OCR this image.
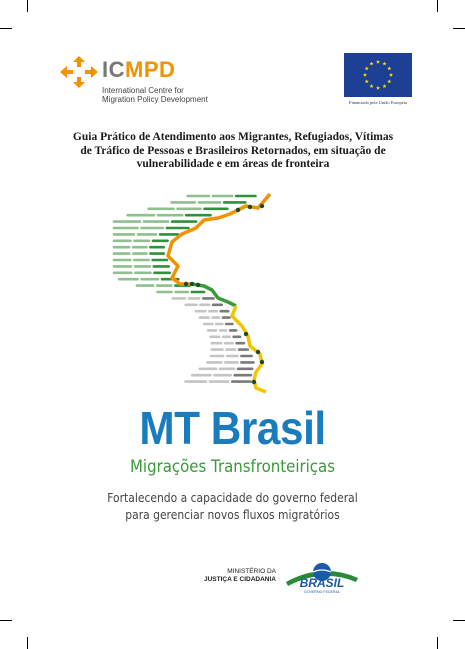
ICMPD
International Centre for
Migration Policy Development	Financiado pela União Europeia
Guia Prático de Atendimento aos Migrantes, Refugiados, Vítimas
de Tráfico de Pessoas e Brasileiros Retornados, em situação de
vulnerabilidade e em áreas de fronteira
MT Brasil
Migrações Transfronteiriças
Fortalecendo a capacidade do governo federal
para gerenciar novos fluxos migratórios
MINISTÉRIO DA
JUSTIÇA E CIDADANIA BRASIL
GOVERNO FEDERAL
